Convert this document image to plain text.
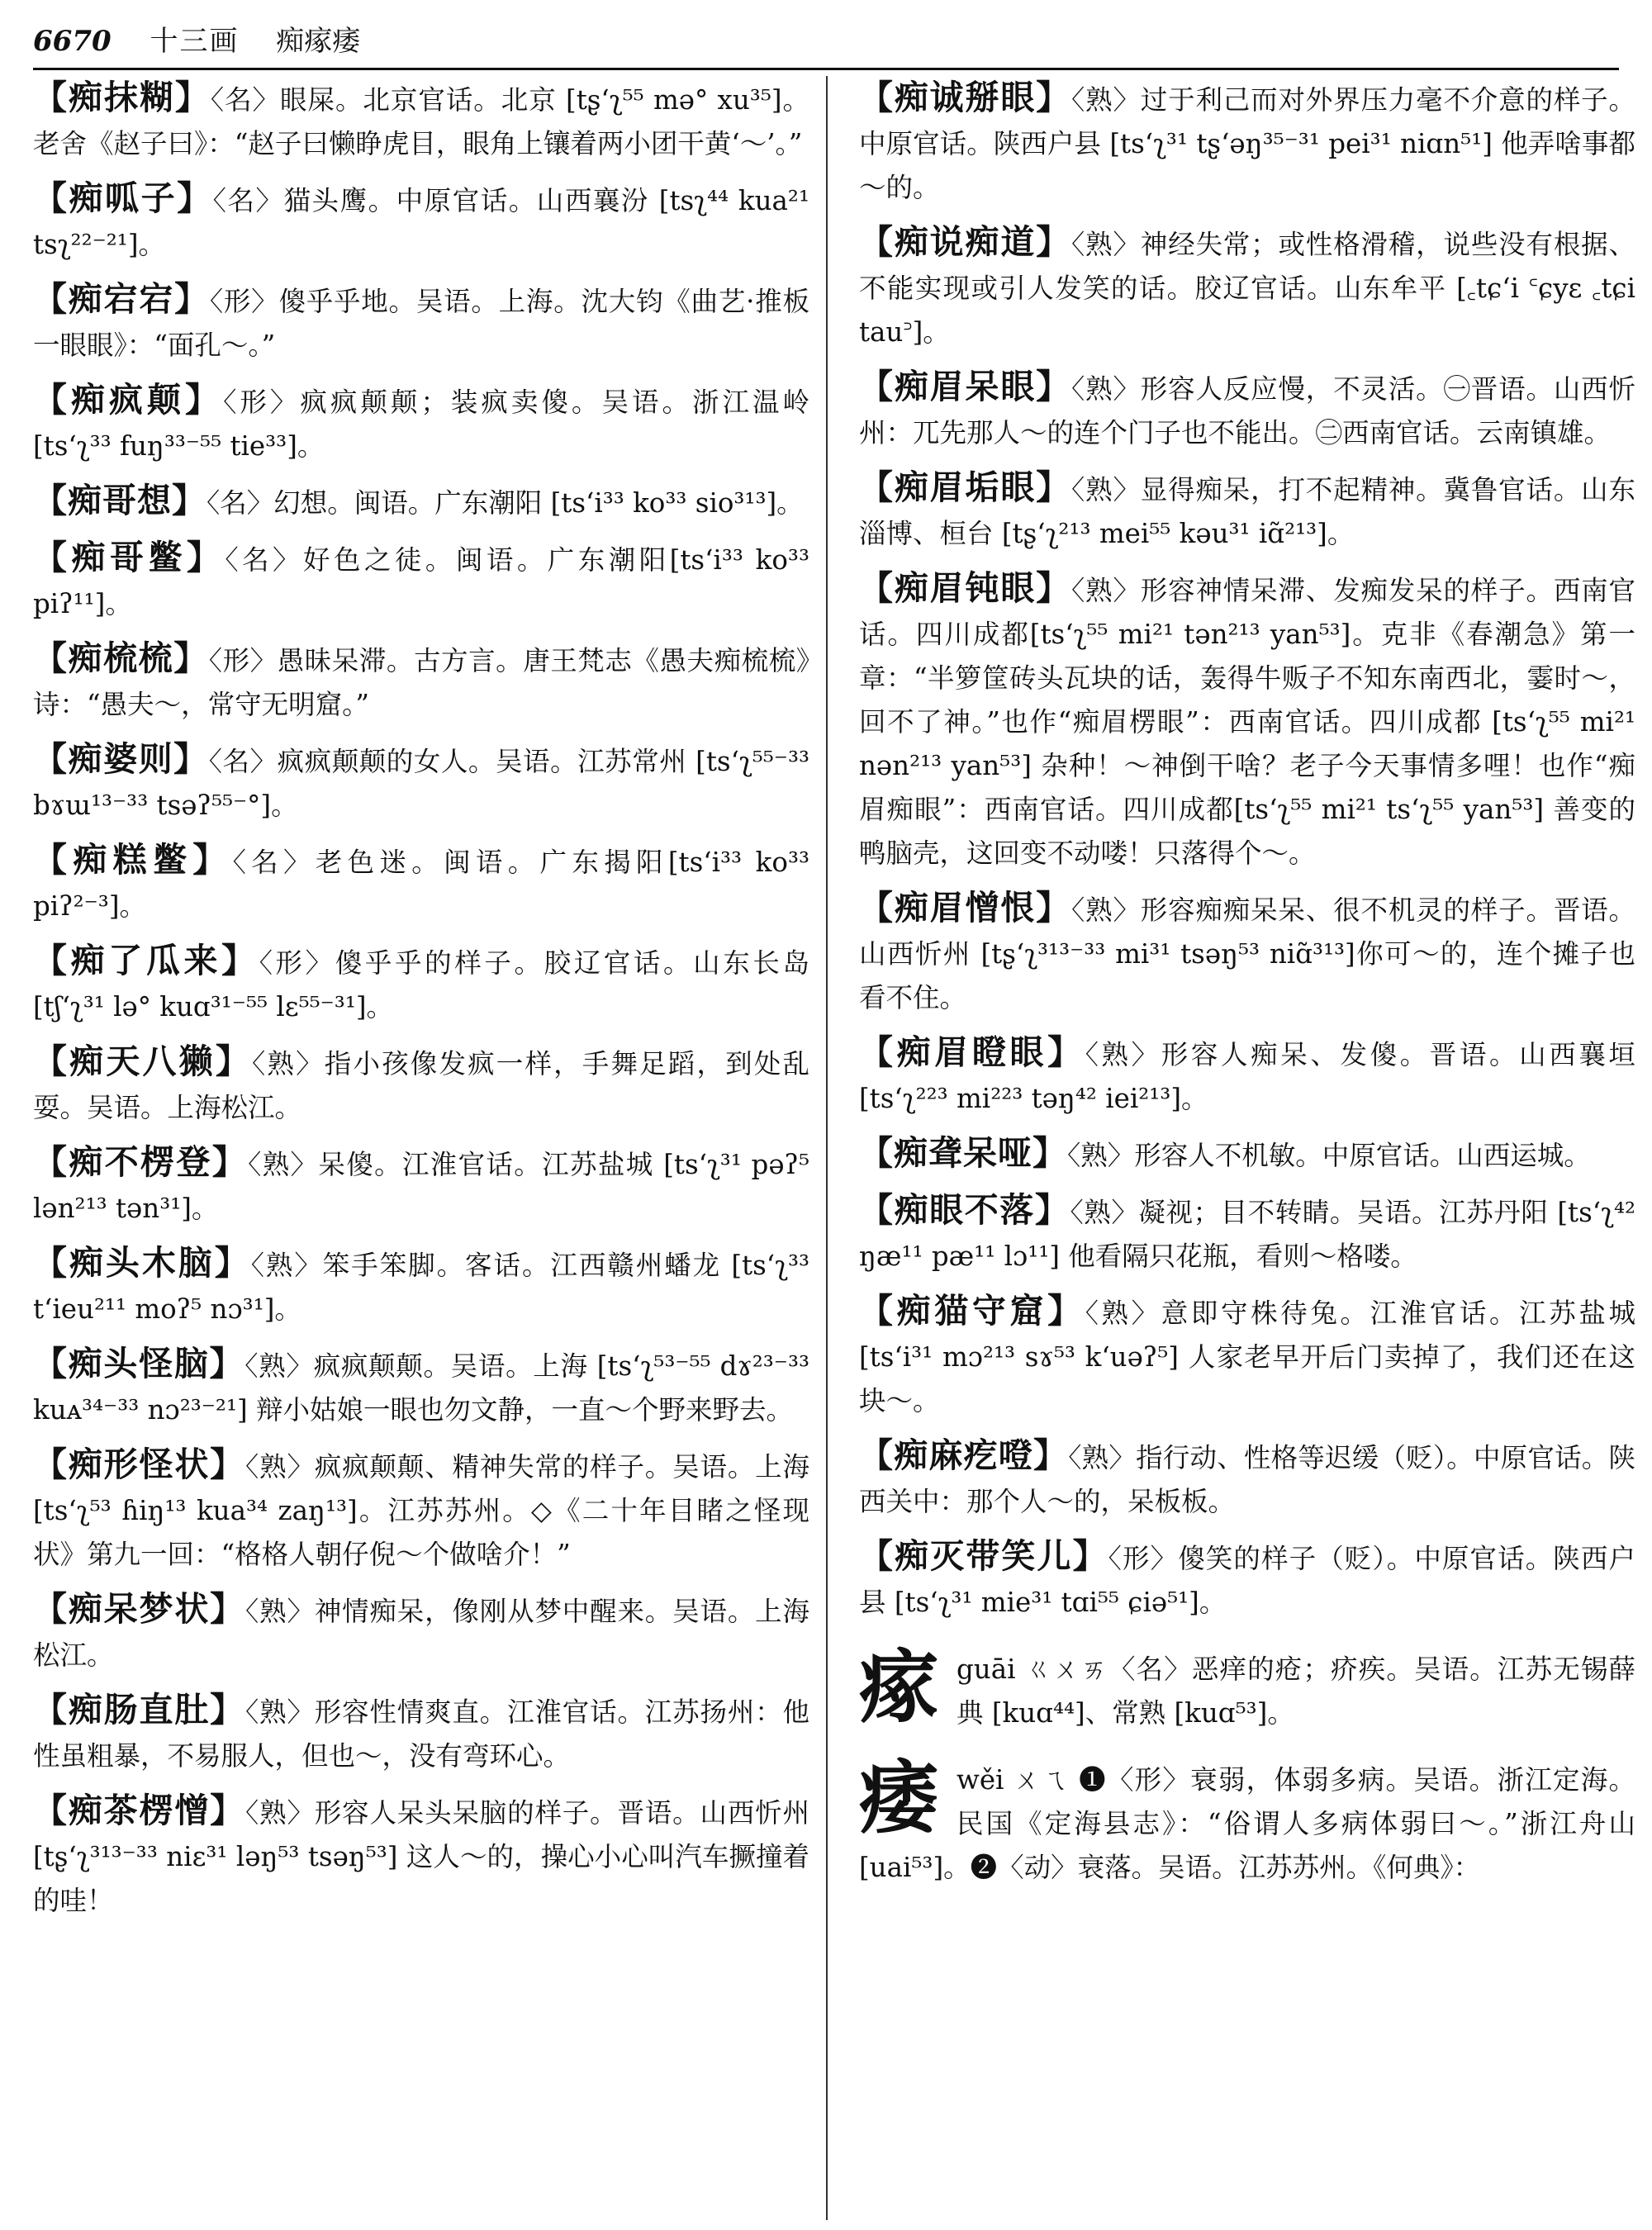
6670 十三画 痴瘃痿

【痴抹糊】〈名〉眼屎。北京官话。北京 [tʂʻʅ⁵⁵ mə° xu³⁵]。老舍《赵子曰》：“赵子曰懒睁虎目，眼角上镶着两小团干黄‘～’。”

【痴呱子】〈名〉猫头鹰。中原官话。山西襄汾 [tsʅ⁴⁴ kua²¹ tsʅ²²⁻²¹]。

【痴宕宕】〈形〉傻乎乎地。吴语。上海。沈大钧《曲艺·推板一眼眼》：“面孔～。”

【痴疯颠】〈形〉疯疯颠颠；装疯卖傻。吴语。浙江温岭 [tsʻʅ³³ fuŋ³³⁻⁵⁵ tie³³]。

【痴哥想】〈名〉幻想。闽语。广东潮阳 [tsʻi³³ ko³³ sio³¹³]。

【痴哥鳖】〈名〉好色之徒。闽语。广东潮阳[tsʻi³³ ko³³ piʔ¹¹]。

【痴梳梳】〈形〉愚昧呆滞。古方言。唐王梵志《愚夫痴梳梳》诗：“愚夫～，常守无明窟。”

【痴婆则】〈名〉疯疯颠颠的女人。吴语。江苏常州 [tsʻʅ⁵⁵⁻³³ bɤɯ¹³⁻³³ tsəʔ⁵⁵⁻°]。

【痴糕鳖】〈名〉老色迷。闽语。广东揭阳[tsʻi³³ ko³³ piʔ²⁻³]。

【痴了瓜来】〈形〉傻乎乎的样子。胶辽官话。山东长岛 [tʃʻʅ³¹ lə° kuɑ³¹⁻⁵⁵ lɛ⁵⁵⁻³¹]。

【痴天八獭】〈熟〉指小孩像发疯一样，手舞足蹈，到处乱耍。吴语。上海松江。

【痴不楞登】〈熟〉呆傻。江淮官话。江苏盐城 [tsʻʅ³¹ pəʔ⁵ lən²¹³ tən³¹]。

【痴头木脑】〈熟〉笨手笨脚。客话。江西赣州蟠龙 [tsʻʅ³³ tʻieu²¹¹ moʔ⁵ nɔ³¹]。

【痴头怪脑】〈熟〉疯疯颠颠。吴语。上海 [tsʻʅ⁵³⁻⁵⁵ dɤ²³⁻³³ kuᴀ³⁴⁻³³ nɔ²³⁻²¹] 辩小姑娘一眼也勿文静，一直～个野来野去。

【痴形怪状】〈熟〉疯疯颠颠、精神失常的样子。吴语。上海 [tsʻʅ⁵³ ɦiŋ¹³ kua³⁴ zaŋ¹³]。江苏苏州。◇《二十年目睹之怪现状》第九一回：“格格人朝仔倪～个做啥介！”

【痴呆梦状】〈熟〉神情痴呆，像刚从梦中醒来。吴语。上海松江。

【痴肠直肚】〈熟〉形容性情爽直。江淮官话。江苏扬州：他性虽粗暴，不易服人，但也～，没有弯环心。

【痴茶楞憎】〈熟〉形容人呆头呆脑的样子。晋语。山西忻州 [tʂʻʅ³¹³⁻³³ niɛ³¹ ləŋ⁵³ tsəŋ⁵³] 这人～的，操心小心叫汽车撅撞着的哇！

【痴诚掰眼】〈熟〉过于利己而对外界压力毫不介意的样子。中原官话。陕西户县 [tsʻʅ³¹ tʂʻəŋ³⁵⁻³¹ pei³¹ niɑn⁵¹] 他弄啥事都～的。

【痴说痴道】〈熟〉神经失常；或性格滑稽，说些没有根据、不能实现或引人发笑的话。胶辽官话。山东牟平 [꜀tɕʻi ꜂ɕyɛ ꜀tɕi tau꜄]。

【痴眉呆眼】〈熟〉形容人反应慢，不灵活。㊀晋语。山西忻州：兀先那人～的连个门子也不能出。㊁西南官话。云南镇雄。

【痴眉垢眼】〈熟〉显得痴呆，打不起精神。冀鲁官话。山东淄博、桓台 [tʂʻʅ²¹³ mei⁵⁵ kəu³¹ iɑ̃²¹³]。

【痴眉钝眼】〈熟〉形容神情呆滞、发痴发呆的样子。西南官话。四川成都[tsʻʅ⁵⁵ mi²¹ tən²¹³ yan⁵³]。克非《春潮急》第一章：“半箩筐砖头瓦块的话，轰得牛贩子不知东南西北，霎时～，回不了神。”也作“痴眉楞眼”：西南官话。四川成都 [tsʻʅ⁵⁵ mi²¹ nən²¹³ yan⁵³] 杂种！～神倒干啥？老子今天事情多哩！也作“痴眉痴眼”：西南官话。四川成都[tsʻʅ⁵⁵ mi²¹ tsʻʅ⁵⁵ yan⁵³] 善变的鸭脑壳，这回变不动喽！只落得个～。

【痴眉憎恨】〈熟〉形容痴痴呆呆、很不机灵的样子。晋语。山西忻州 [tʂʻʅ³¹³⁻³³ mi³¹ tsəŋ⁵³ niɑ̃³¹³]你可～的，连个摊子也看不住。

【痴眉瞪眼】〈熟〉形容人痴呆、发傻。晋语。山西襄垣 [tsʻʅ²²³ mi²²³ təŋ⁴² iei²¹³]。

【痴聋呆哑】〈熟〉形容人不机敏。中原官话。山西运城。

【痴眼不落】〈熟〉凝视；目不转睛。吴语。江苏丹阳 [tsʻʅ⁴² ŋæ¹¹ pæ¹¹ lɔ¹¹] 他看隔只花瓶，看则～格喽。

【痴猫守窟】〈熟〉意即守株待兔。江淮官话。江苏盐城 [tsʻi³¹ mɔ²¹³ sɤ⁵³ kʻuəʔ⁵] 人家老早开后门卖掉了，我们还在这块～。

【痴麻疙噔】〈熟〉指行动、性格等迟缓（贬）。中原官话。陕西关中：那个人～的，呆板板。

【痴灭带笑儿】〈形〉傻笑的样子（贬）。中原官话。陕西户县 [tsʻʅ³¹ mie³¹ tɑi⁵⁵ ɕiə⁵¹]。

瘃guāi ㄍㄨㄞ〈名〉恶痒的疮；疥疾。吴语。江苏无锡薛典 [kuɑ⁴⁴]、常熟 [kuɑ⁵³]。

痿wěi ㄨㄟ ❶〈形〉衰弱，体弱多病。吴语。浙江定海。民国《定海县志》：“俗谓人多病体弱曰～。”浙江舟山 [uai⁵³]。❷〈动〉衰落。吴语。江苏苏州。《何典》：
